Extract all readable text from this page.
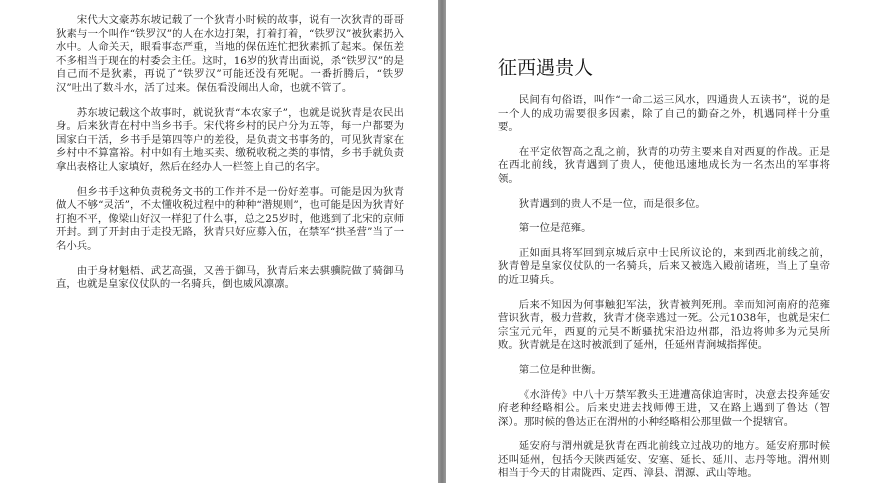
宋代大文豪苏东坡记载了一个狄青小时候的故事，说有一次狄青的哥哥狄素与一个叫作“铁罗汉”的人在水边打架，打着打着，“铁罗汉”被狄素扔入水中。人命关天，眼看事态严重，当地的保伍连忙把狄素抓了起来。保伍差不多相当于现在的村委会主任。这时，16岁的狄青出面说，杀“铁罗汉”的是自己而不是狄素，再说了“铁罗汉”可能还没有死呢。一番折腾后，“铁罗汉”吐出了数斗水，活了过来。保伍看没闹出人命，也就不管了。

苏东坡记载这个故事时，就说狄青“本农家子”，也就是说狄青是农民出身。后来狄青在村中当乡书手。宋代将乡村的民户分为五等，每一户都要为国家白干活，乡书手是第四等户的差役，是负责文书事务的，可见狄青家在乡村中不算富裕。村中如有土地买卖、缴税收税之类的事情，乡书手就负责拿出表格让人家填好，然后在经办人一栏签上自己的名字。

但乡书手这种负责税务文书的工作并不是一份好差事。可能是因为狄青做人不够“灵活”，不太懂收税过程中的种种“潜规则”，也可能是因为狄青好打抱不平，像梁山好汉一样犯了什么事，总之25岁时，他逃到了北宋的京师开封。到了开封由于走投无路，狄青只好应募入伍，在禁军“拱圣营”当了一名小兵。

由于身材魁梧、武艺高强，又善于御马，狄青后来去骐骥院做了骑御马直，也就是皇家仪仗队的一名骑兵，倒也威风凛凛。

征西遇贵人

民间有句俗语，叫作“一命二运三风水，四通贵人五读书”，说的是一个人的成功需要很多因素，除了自己的勤奋之外，机遇同样十分重要。

在平定依智高之乱之前，狄青的功劳主要来自对西夏的作战。正是在西北前线，狄青遇到了贵人，使他迅速地成长为一名杰出的军事将领。

狄青遇到的贵人不是一位，而是很多位。

第一位是范雍。

正如面具将军回到京城后京中士民所议论的，来到西北前线之前，狄青曾是皇家仪仗队的一名骑兵，后来又被选入殿前诸班，当上了皇帝的近卫骑兵。

后来不知因为何事触犯军法，狄青被判死刑。幸而知河南府的范雍营识狄青，极力营救，狄青才侥幸逃过一死。公元1038年，也就是宋仁宗宝元元年，西夏的元昊不断骚扰宋沿边州郡，沿边将帅多为元昊所败。狄青就是在这时被派到了延州，任延州青涧城指挥使。

第二位是种世衡。

《水浒传》中八十万禁军教头王进遭高俅迫害时，决意去投奔延安府老种经略相公。后来史进去找师傅王进，又在路上遇到了鲁达（智深）。那时候的鲁达正在渭州的小种经略相公那里做一个提辖官。

延安府与渭州就是狄青在西北前线立过战功的地方。延安府那时候还叫延州，包括今天陕西延安、安塞、延长、延川、志丹等地。渭州则相当于今天的甘肃陇西、定西、漳县、渭源、武山等地。
